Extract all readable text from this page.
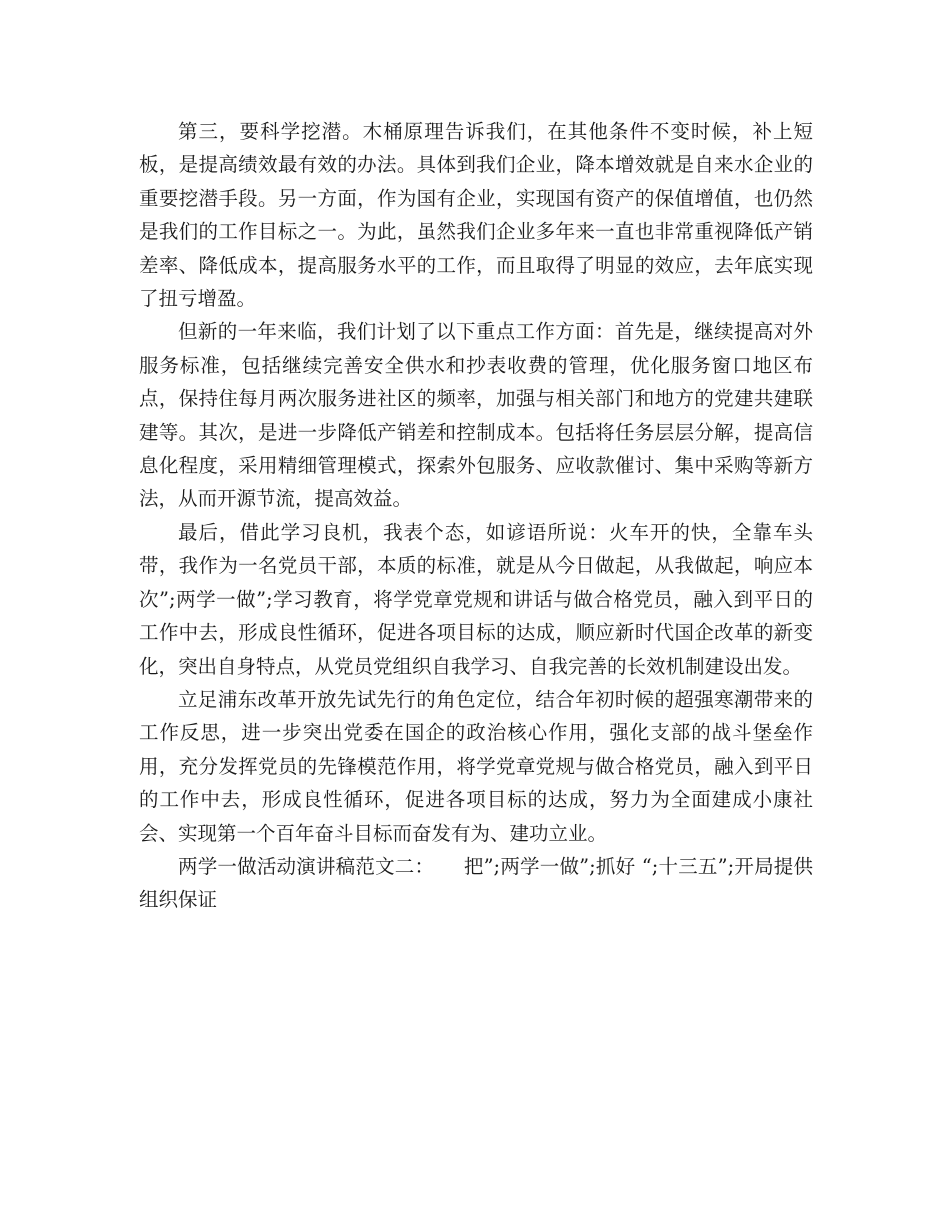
第三，要科学挖潜。木桶原理告诉我们，在其他条件不变时候，补上短板，是提高绩效最有效的办法。具体到我们企业，降本增效就是自来水企业的重要挖潜手段。另一方面，作为国有企业，实现国有资产的保值增值，也仍然是我们的工作目标之一。为此，虽然我们企业多年来一直也非常重视降低产销差率、降低成本，提高服务水平的工作，而且取得了明显的效应，去年底实现了扭亏增盈。

但新的一年来临，我们计划了以下重点工作方面：首先是，继续提高对外服务标准，包括继续完善安全供水和抄表收费的管理，优化服务窗口地区布点，保持住每月两次服务进社区的频率，加强与相关部门和地方的党建共建联建等。其次，是进一步降低产销差和控制成本。包括将任务层层分解，提高信息化程度，采用精细管理模式，探索外包服务、应收款催讨、集中采购等新方法，从而开源节流，提高效益。

最后，借此学习良机，我表个态，如谚语所说：火车开的快，全靠车头带，我作为一名党员干部，本质的标准，就是从今日做起，从我做起，响应本次”;两学一做”;学习教育，将学党章党规和讲话与做合格党员，融入到平日的工作中去，形成良性循环，促进各项目标的达成，顺应新时代国企改革的新变化，突出自身特点，从党员党组织自我学习、自我完善的长效机制建设出发。

立足浦东改革开放先试先行的角色定位，结合年初时候的超强寒潮带来的工作反思，进一步突出党委在国企的政治核心作用，强化支部的战斗堡垒作用，充分发挥党员的先锋模范作用，将学党章党规与做合格党员，融入到平日的工作中去，形成良性循环，促进各项目标的达成，努力为全面建成小康社会、实现第一个百年奋斗目标而奋发有为、建功立业。

两学一做活动演讲稿范文二：　　把”;两学一做”;抓好 “;十三五”;开局提供组织保证
